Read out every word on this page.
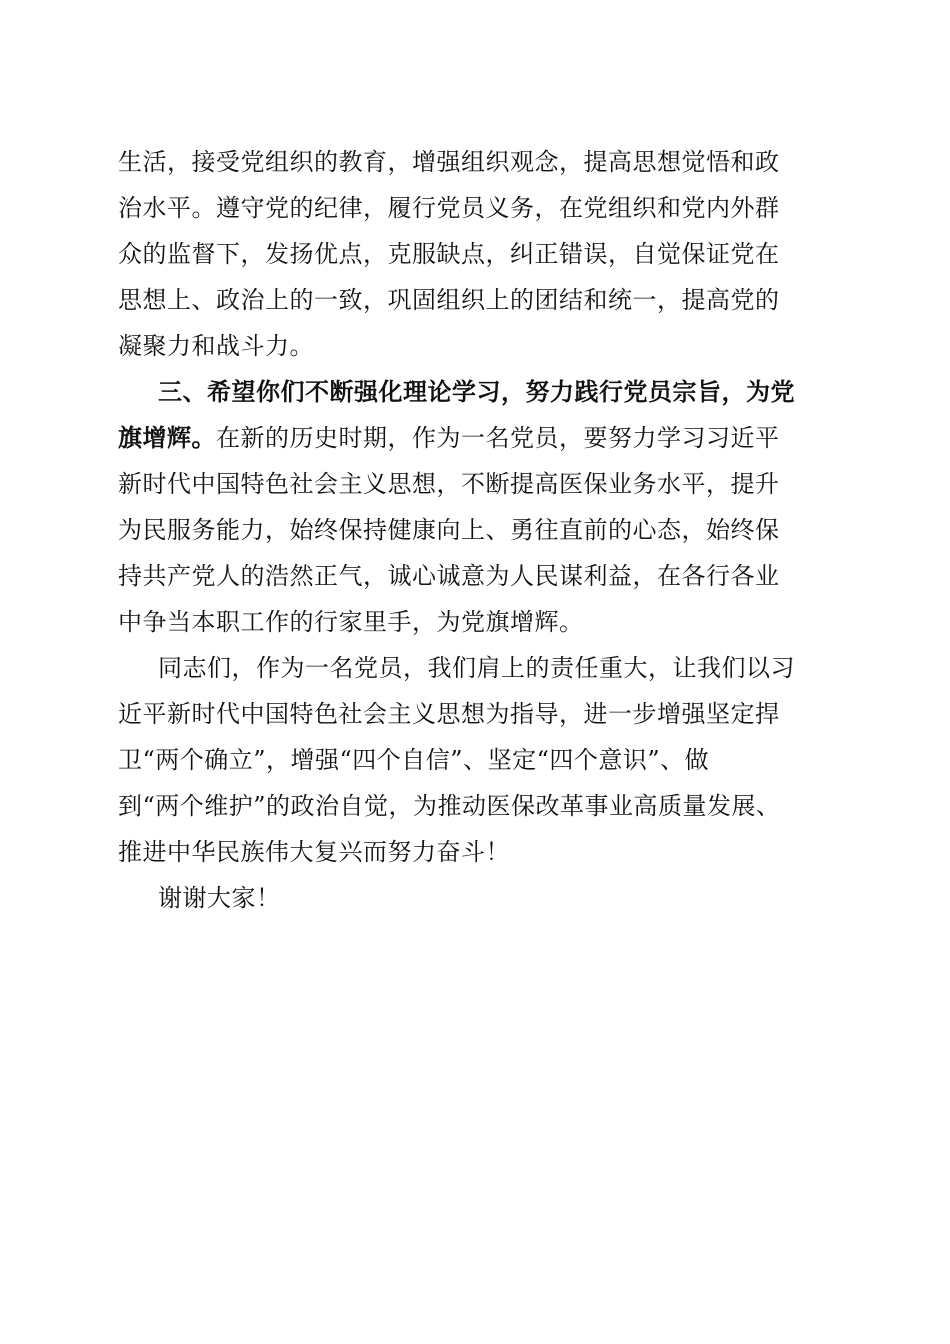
生活，接受党组织的教育，增强组织观念，提高思想觉悟和政
治水平。遵守党的纪律，履行党员义务，在党组织和党内外群
众的监督下，发扬优点，克服缺点，纠正错误，自觉保证党在
思想上、政治上的一致，巩固组织上的团结和统一，提高党的
凝聚力和战斗力。
三、希望你们不断强化理论学习，努力践行党员宗旨，为党
旗增辉。在新的历史时期，作为一名党员，要努力学习习近平
新时代中国特色社会主义思想，不断提高医保业务水平，提升
为民服务能力，始终保持健康向上、勇往直前的心态，始终保
持共产党人的浩然正气，诚心诚意为人民谋利益，在各行各业
中争当本职工作的行家里手，为党旗增辉。
同志们，作为一名党员，我们肩上的责任重大，让我们以习
近平新时代中国特色社会主义思想为指导，进一步增强坚定捍
卫“两个确立”，增强“四个自信”、坚定“四个意识”、做
到“两个维护”的政治自觉，为推动医保改革事业高质量发展、
推进中华民族伟大复兴而努力奋斗！
谢谢大家！
